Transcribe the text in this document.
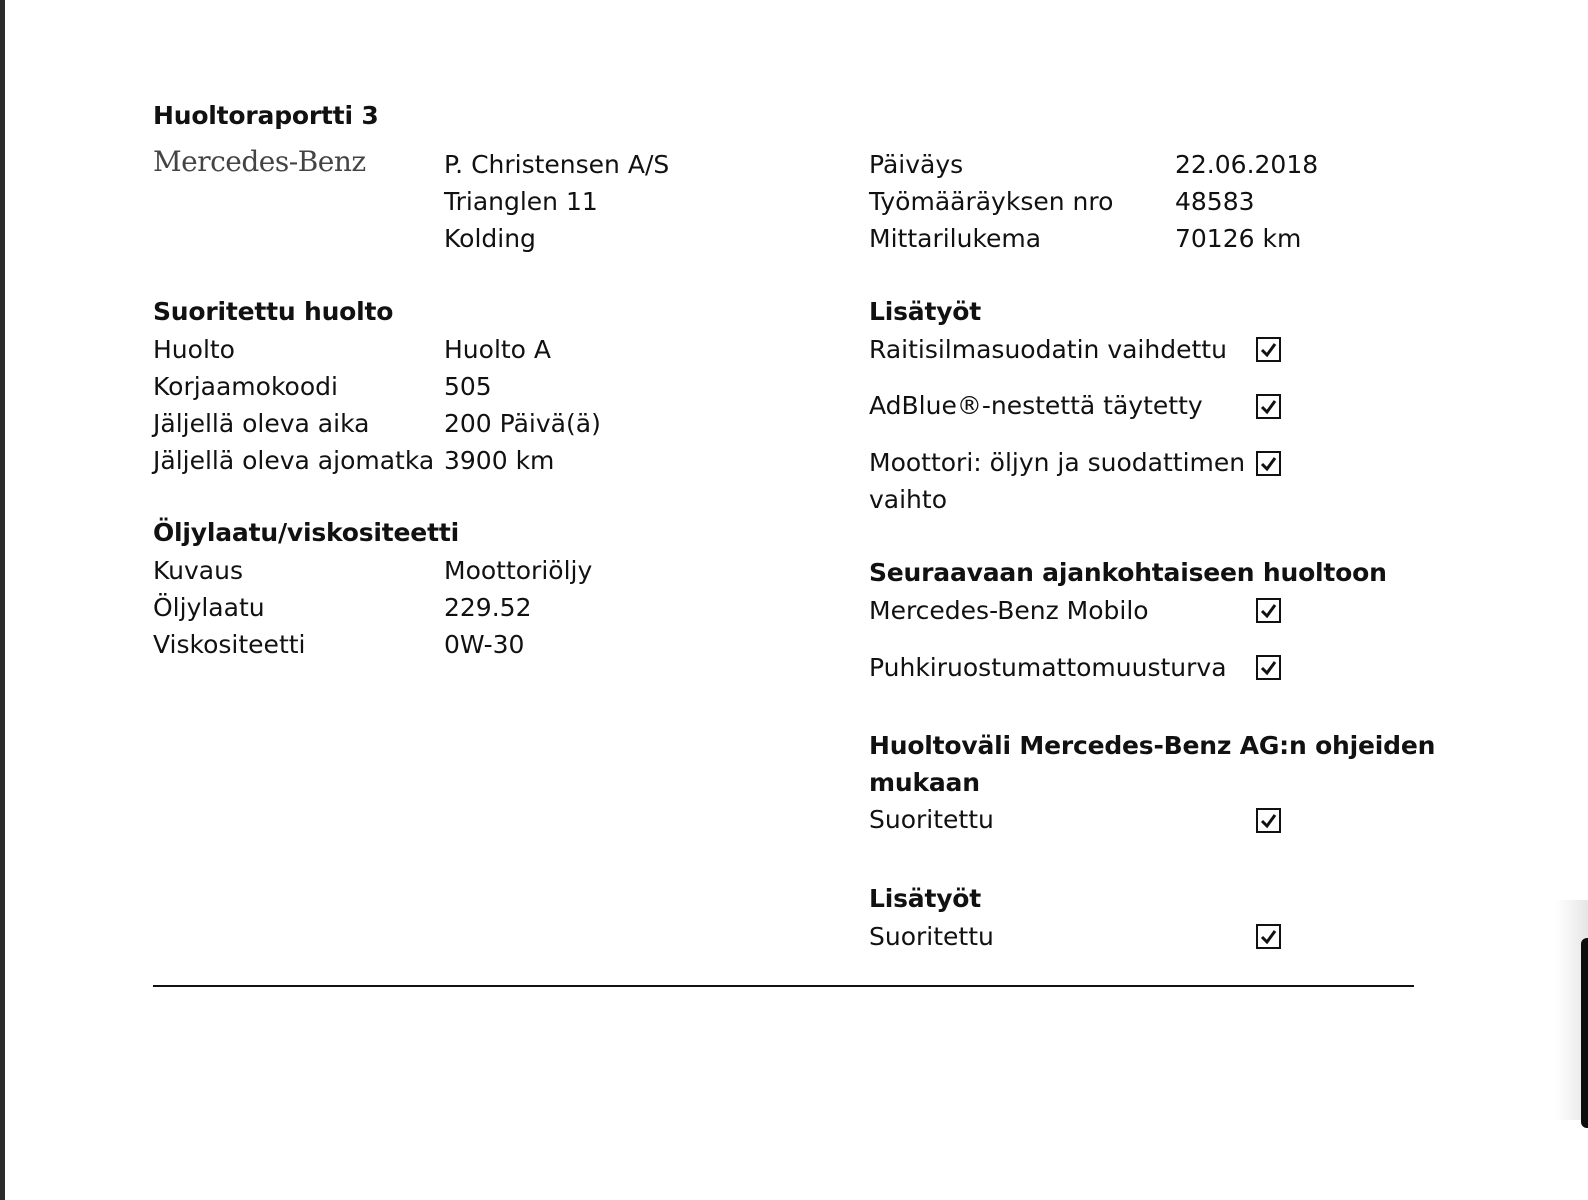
Huoltoraportti 3
Mercedes-Benz	P. Christensen A/S
Trianglen 11
Kolding
Päiväys
Työmääräyksen nro
Mittarilukema
22.06.2018
48583
70126 km
Suoritettu huolto
Huolto
Korjaamokoodi
Jäljellä oleva aika
Jäljellä oleva ajomatka
Huolto A
505
200 Päivä(ä)
3900 km
Öljylaatu/viskositeetti
Kuvaus
Öljylaatu
Viskositeetti
Moottoriöljy
229.52
0W-30
Lisätyöt
Raitisilmasuodatin vaihdettu
AdBlue®-nestettä täytetty
Moottori: öljyn ja suodattimen
vaihto
Seuraavaan ajankohtaiseen huoltoon
Mercedes-Benz Mobilo
Puhkiruostumattomuusturva
Huoltoväli Mercedes-Benz AG:n ohjeiden
mukaan
Suoritettu
Lisätyöt
Suoritettu
